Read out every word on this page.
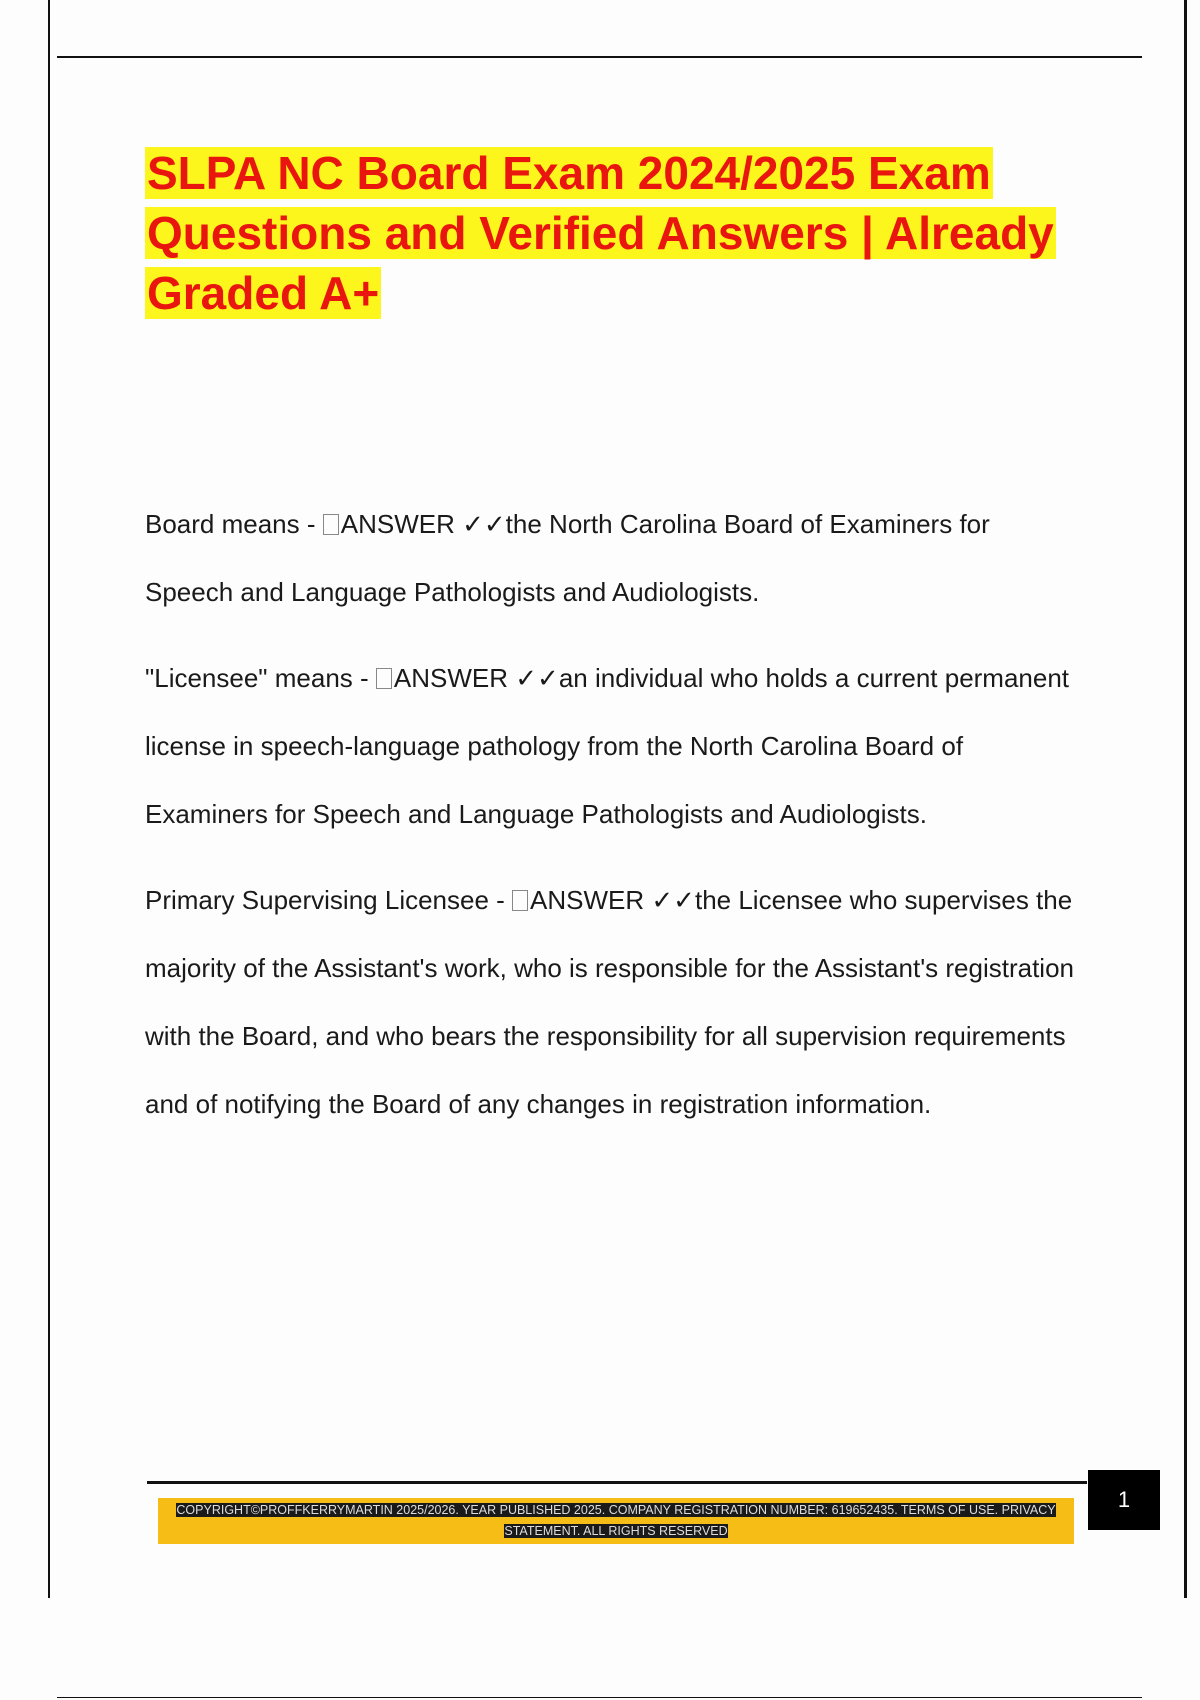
SLPA NC Board Exam 2024/2025 Exam Questions and Verified Answers | Already Graded A+

Board means - ANSWER ✓✓the North Carolina Board of Examiners for Speech and Language Pathologists and Audiologists.

"Licensee" means - ANSWER ✓✓an individual who holds a current permanent license in speech-language pathology from the North Carolina Board of Examiners for Speech and Language Pathologists and Audiologists.

Primary Supervising Licensee - ANSWER ✓✓the Licensee who supervises the majority of the Assistant's work, who is responsible for the Assistant's registration with the Board, and who bears the responsibility for all supervision requirements and of notifying the Board of any changes in registration information.

1
COPYRIGHT©PROFFKERRYMARTIN 2025/2026. YEAR PUBLISHED 2025. COMPANY REGISTRATION NUMBER: 619652435. TERMS OF USE. PRIVACY STATEMENT. ALL RIGHTS RESERVED
